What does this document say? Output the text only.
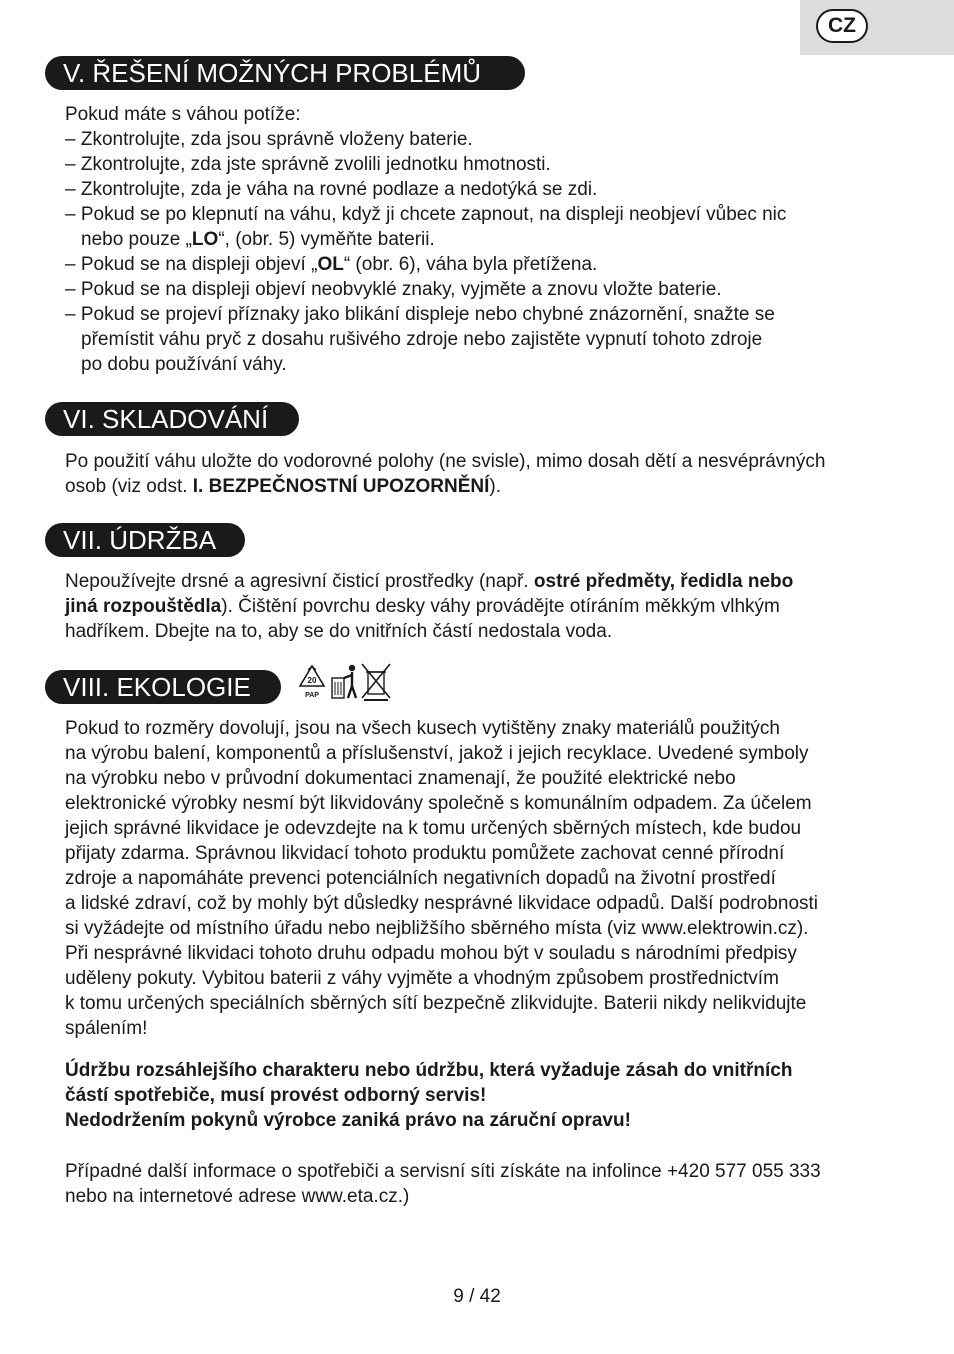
CZ
V. ŘEŠENÍ MOŽNÝCH PROBLÉMŮ

Pokud máte s váhou potíže:

– Zkontrolujte, zda jsou správně vloženy baterie.

– Zkontrolujte, zda jste správně zvolili jednotku hmotnosti.

– Zkontrolujte, zda je váha na rovné podlaze a nedotýká se zdi.

– Pokud se po klepnutí na váhu, když ji chcete zapnout, na displeji neobjeví vůbec nic

nebo pouze „LO“, (obr. 5) vyměňte baterii.

– Pokud se na displeji objeví „OL“ (obr. 6), váha byla přetížena.

– Pokud se na displeji objeví neobvyklé znaky, vyjměte a znovu vložte baterie.

– Pokud se projeví příznaky jako blikání displeje nebo chybné znázornění, snažte se

přemístit váhu pryč z dosahu rušivého zdroje nebo zajistěte vypnutí tohoto zdroje

po dobu používání váhy.

VI. SKLADOVÁNÍ

Po použití váhu uložte do vodorovné polohy (ne svisle), mimo dosah dětí a nesvéprávných

osob (viz odst. I. BEZPEČNOSTNÍ UPOZORNĚNÍ).

VII. ÚDRŽBA

Nepoužívejte drsné a agresivní čisticí prostředky (např. ostré předměty, ředidla nebo

jiná rozpouštědla). Čištění povrchu desky váhy provádějte otíráním měkkým vlhkým

hadříkem. Dbejte na to, aby se do vnitřních částí nedostala voda.

VIII. EKOLOGIE	20
PAP

Pokud to rozměry dovolují, jsou na všech kusech vytištěny znaky materiálů použitých

na výrobu balení, komponentů a příslušenství, jakož i jejich recyklace. Uvedené symboly

na výrobku nebo v průvodní dokumentaci znamenají, že použité elektrické nebo

elektronické výrobky nesmí být likvidovány společně s komunálním odpadem. Za účelem

jejich správné likvidace je odevzdejte na k tomu určených sběrných místech, kde budou

přijaty zdarma. Správnou likvidací tohoto produktu pomůžete zachovat cenné přírodní

zdroje a napomáháte prevenci potenciálních negativních dopadů na životní prostředí

a lidské zdraví, což by mohly být důsledky nesprávné likvidace odpadů. Další podrobnosti

si vyžádejte od místního úřadu nebo nejbližšího sběrného místa (viz www.elektrowin.cz).

Při nesprávné likvidaci tohoto druhu odpadu mohou být v souladu s národními předpisy

uděleny pokuty. Vybitou baterii z váhy vyjměte a vhodným způsobem prostřednictvím

k tomu určených speciálních sběrných sítí bezpečně zlikvidujte. Baterii nikdy nelikvidujte

spálením!

Údržbu rozsáhlejšího charakteru nebo údržbu, která vyžaduje zásah do vnitřních

částí spotřebiče, musí provést odborný servis!

Nedodržením pokynů výrobce zaniká právo na záruční opravu!

Případné další informace o spotřebiči a servisní síti získáte na infolince +420 577 055 333

nebo na internetové adrese www.eta.cz.)

9 / 42
